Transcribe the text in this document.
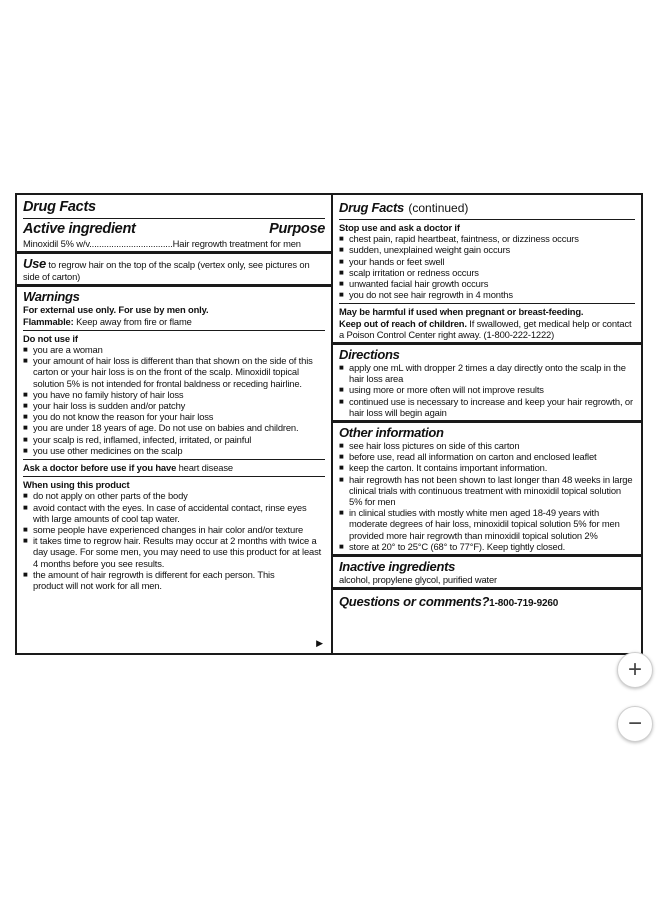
Drug Facts
Active ingredient	Purpose
Minoxidil 5% w/v..................................Hair regrowth treatment for men
Use to regrow hair on the top of the scalp (vertex only, see pictures on side of carton)
Warnings
For external use only. For use by men only.
Flammable: Keep away from fire or flame
Do not use if
■ you are a woman
■ your amount of hair loss is different than that shown on the side of this carton or your hair loss is on the front of the scalp. Minoxidil topical solution 5% is not intended for frontal baldness or receding hairline.
■ you have no family history of hair loss
■ your hair loss is sudden and/or patchy
■ you do not know the reason for your hair loss
■ you are under 18 years of age. Do not use on babies and children.
■ your scalp is red, inflamed, infected, irritated, or painful
■ you use other medicines on the scalp
Ask a doctor before use if you have heart disease
When using this product
■ do not apply on other parts of the body
■ avoid contact with the eyes. In case of accidental contact, rinse eyes with large amounts of cool tap water.
■ some people have experienced changes in hair color and/or texture
■ it takes time to regrow hair. Results may occur at 2 months with twice a day usage. For some men, you may need to use this product for at least 4 months before you see results.
■ the amount of hair regrowth is different for each person. This product will not work for all men.
▶
Drug Facts (continued)
Stop use and ask a doctor if
■ chest pain, rapid heartbeat, faintness, or dizziness occurs
■ sudden, unexplained weight gain occurs
■ your hands or feet swell
■ scalp irritation or redness occurs
■ unwanted facial hair growth occurs
■ you do not see hair regrowth in 4 months
May be harmful if used when pregnant or breast-feeding.
Keep out of reach of children. If swallowed, get medical help or contact a Poison Control Center right away. (1-800-222-1222)
Directions
■ apply one mL with dropper 2 times a day directly onto the scalp in the hair loss area
■ using more or more often will not improve results
■ continued use is necessary to increase and keep your hair regrowth, or hair loss will begin again
Other information
■ see hair loss pictures on side of this carton
■ before use, read all information on carton and enclosed leaflet
■ keep the carton. It contains important information.
■ hair regrowth has not been shown to last longer than 48 weeks in large clinical trials with continuous treatment with minoxidil topical solution 5% for men
■ in clinical studies with mostly white men aged 18-49 years with moderate degrees of hair loss, minoxidil topical solution 5% for men provided more hair regrowth than minoxidil topical solution 2%
■ store at 20° to 25°C (68° to 77°F). Keep tightly closed.
Inactive ingredients
alcohol, propylene glycol, purified water
Questions or comments?1-800-719-9260
+
−
